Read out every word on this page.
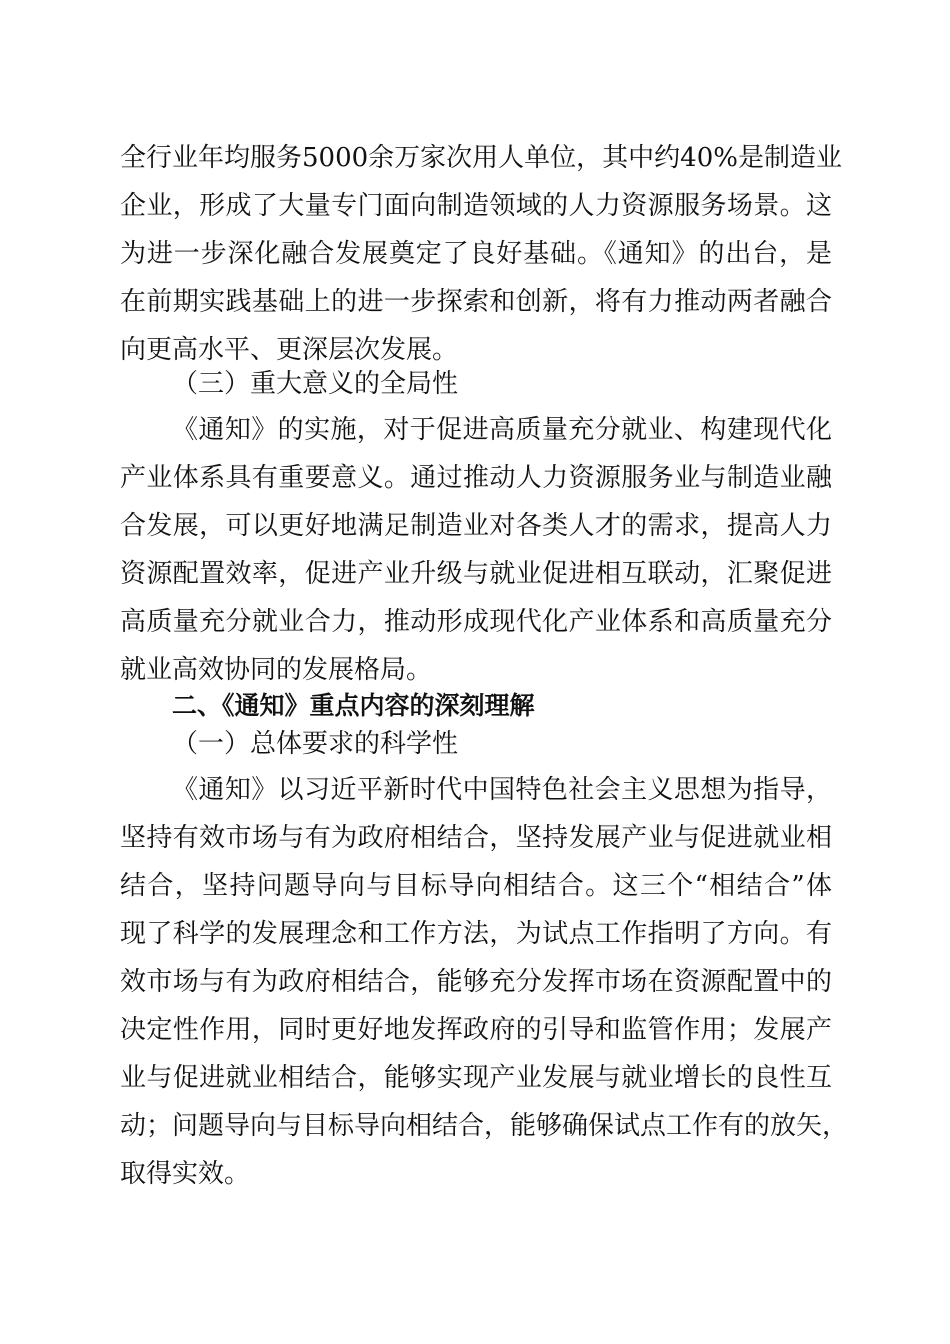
全行业年均服务5000余万家次用人单位，其中约40%是制造业
企业，形成了大量专门面向制造领域的人力资源服务场景。这
为进一步深化融合发展奠定了良好基础。《通知》的出台，是
在前期实践基础上的进一步探索和创新，将有力推动两者融合
向更高水平、更深层次发展。
（三）重大意义的全局性
《通知》的实施，对于促进高质量充分就业、构建现代化
产业体系具有重要意义。通过推动人力资源服务业与制造业融
合发展，可以更好地满足制造业对各类人才的需求，提高人力
资源配置效率，促进产业升级与就业促进相互联动，汇聚促进
高质量充分就业合力，推动形成现代化产业体系和高质量充分
就业高效协同的发展格局。
二、《通知》重点内容的深刻理解
（一）总体要求的科学性
《通知》以习近平新时代中国特色社会主义思想为指导，
坚持有效市场与有为政府相结合，坚持发展产业与促进就业相
结合，坚持问题导向与目标导向相结合。这三个“相结合”体
现了科学的发展理念和工作方法，为试点工作指明了方向。有
效市场与有为政府相结合，能够充分发挥市场在资源配置中的
决定性作用，同时更好地发挥政府的引导和监管作用；发展产
业与促进就业相结合，能够实现产业发展与就业增长的良性互
动；问题导向与目标导向相结合，能够确保试点工作有的放矢，
取得实效。
